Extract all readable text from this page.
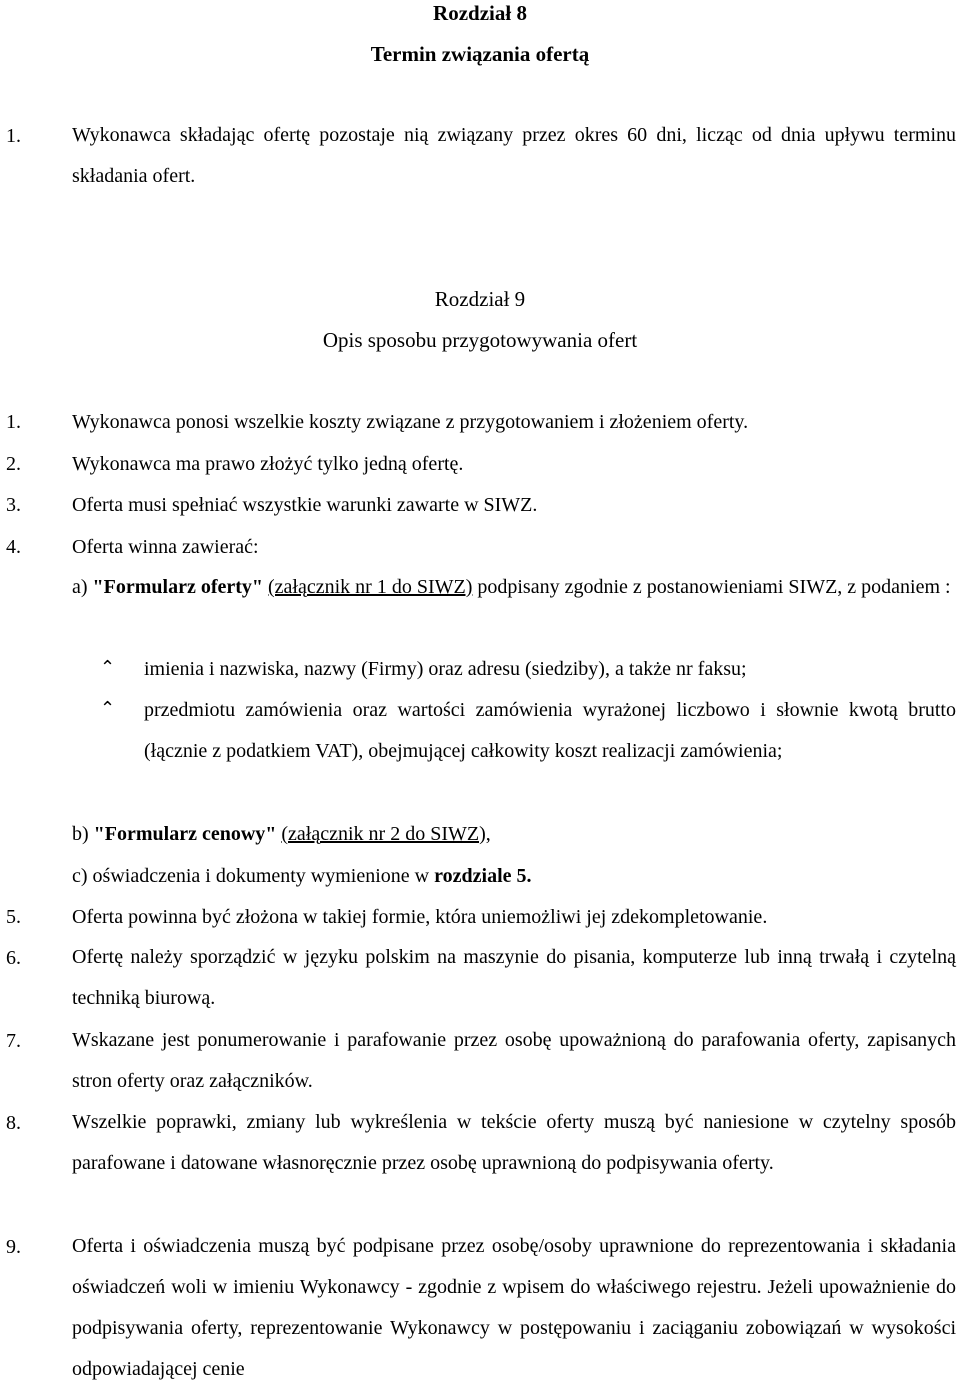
Rozdział 8
Termin związania ofertą
1.	Wykonawca składając ofertę pozostaje nią związany przez okres 60 dni, licząc od dnia upływu terminu składania ofert.
Rozdział 9
Opis sposobu przygotowywania ofert
1.	Wykonawca ponosi wszelkie koszty związane z przygotowaniem i złożeniem oferty.
2.	Wykonawca ma prawo złożyć tylko jedną ofertę.
3.	Oferta musi spełniać wszystkie warunki zawarte w SIWZ.
4.	Oferta winna zawierać:
a) "Formularz oferty" (załącznik nr 1 do SIWZ) podpisany zgodnie z postanowieniami SIWZ, z podaniem :
⌃	imienia i nazwiska, nazwy (Firmy) oraz adresu (siedziby), a także nr faksu;
⌃	przedmiotu zamówienia oraz wartości zamówienia wyrażonej liczbowo i słownie kwotą brutto (łącznie z podatkiem VAT), obejmującej całkowity koszt realizacji zamówienia;
b) "Formularz cenowy" (załącznik nr 2 do SIWZ),
c) oświadczenia i dokumenty wymienione w rozdziale 5.
5.	Oferta powinna być złożona w takiej formie, która uniemożliwi jej zdekompletowanie.
6.	Ofertę należy sporządzić w języku polskim na maszynie do pisania, komputerze lub inną trwałą i czytelną techniką biurową.
7.	Wskazane jest ponumerowanie i parafowanie przez osobę upoważnioną do parafowania oferty, zapisanych stron oferty oraz załączników.
8.	Wszelkie poprawki, zmiany lub wykreślenia w tekście oferty muszą być naniesione w czytelny sposób parafowane i datowane własnoręcznie przez osobę uprawnioną do podpisywania oferty.
9.	Oferta i oświadczenia muszą być podpisane przez osobę/osoby uprawnione do reprezentowania i składania oświadczeń woli w imieniu Wykonawcy - zgodnie z wpisem do właściwego rejestru. Jeżeli upoważnienie do podpisywania oferty, reprezentowanie Wykonawcy w postępowaniu i zaciąganiu zobowiązań w wysokości odpowiadającej cenie
